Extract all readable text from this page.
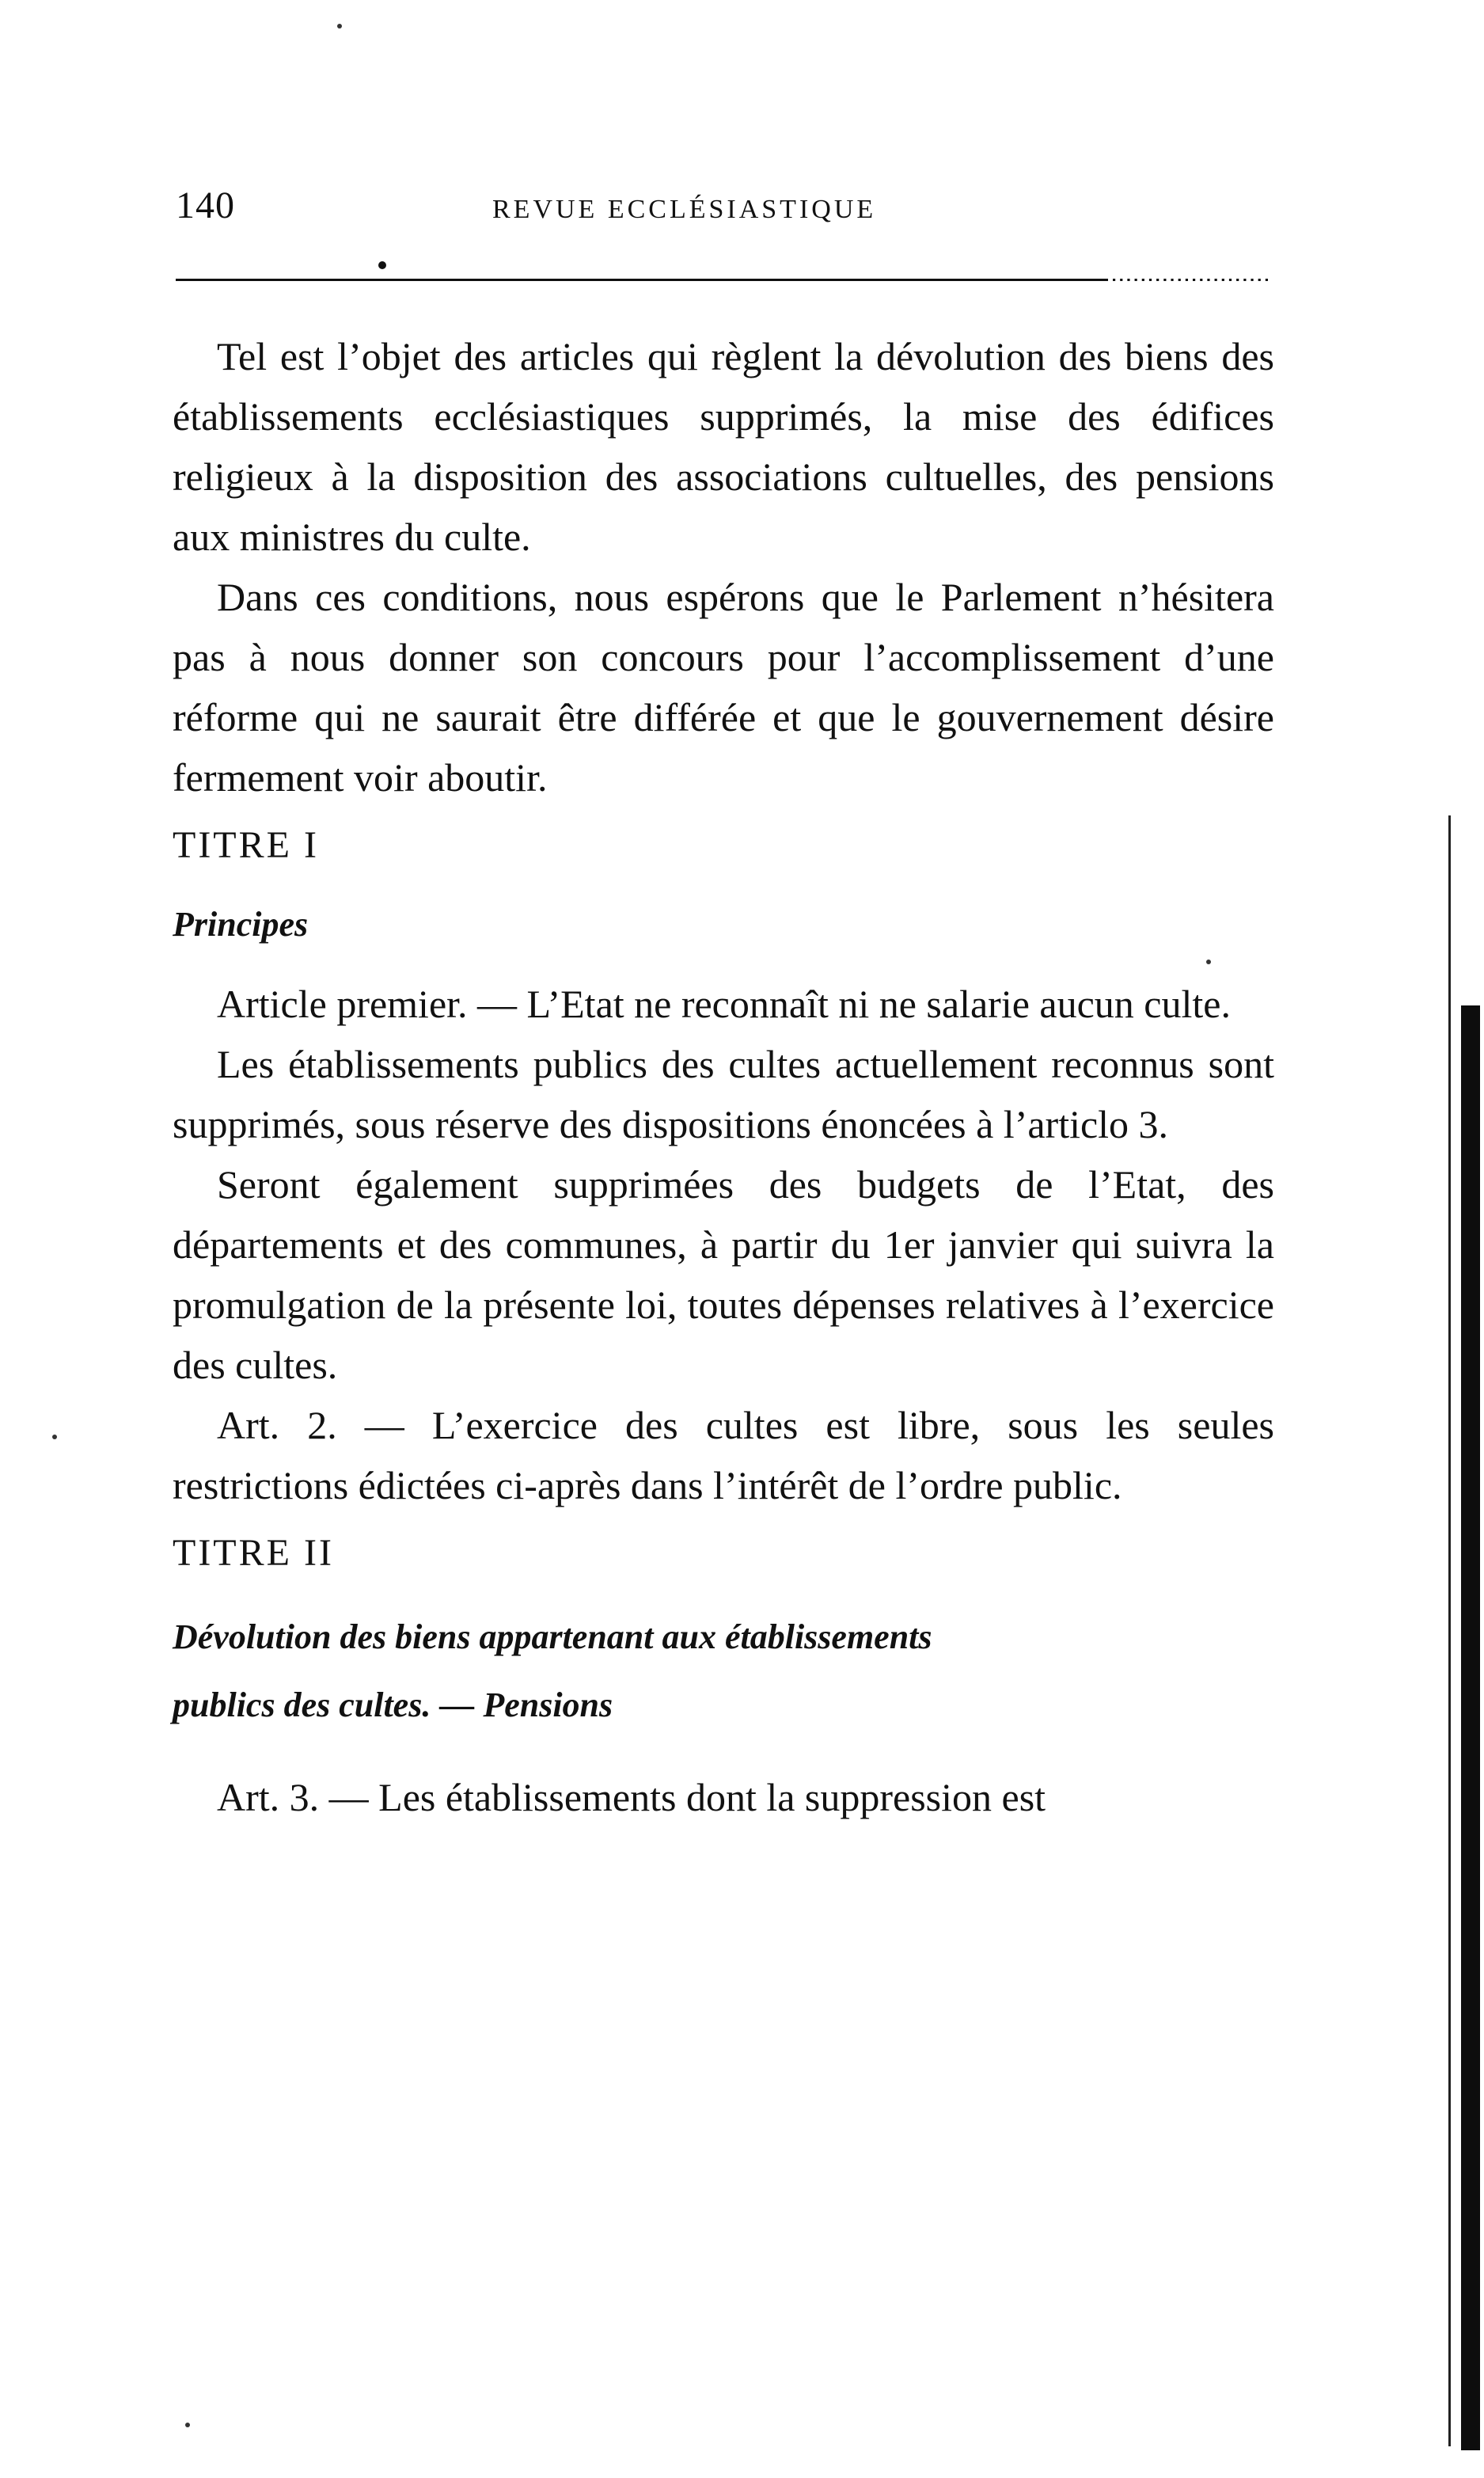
140	REVUE ECCLÉSIASTIQUE

Tel est l’objet des articles qui règlent la dévolution des biens des établissements ecclésiastiques supprimés, la mise des édifices religieux à la disposition des associations cultuelles, des pensions aux ministres du culte.

Dans ces conditions, nous espérons que le Parlement n’hésitera pas à nous donner son concours pour l’accomplissement d’une réforme qui ne saurait être différée et que le gouvernement désire fermement voir aboutir.

TITRE I

Principes

Article premier. — L’Etat ne reconnaît ni ne salarie aucun culte.

Les établissements publics des cultes actuellement reconnus sont supprimés, sous réserve des dispositions énoncées à l’articlo 3.

Seront également supprimées des budgets de l’Etat, des départements et des communes, à partir du 1er janvier qui suivra la promulgation de la présente loi, toutes dépenses relatives à l’exercice des cultes.

Art. 2. — L’exercice des cultes est libre, sous les seules restrictions édictées ci-après dans l’intérêt de l’ordre public.

TITRE II

Dévolution des biens appartenant aux établissements

publics des cultes. — Pensions

Art. 3. — Les établissements dont la suppression est
